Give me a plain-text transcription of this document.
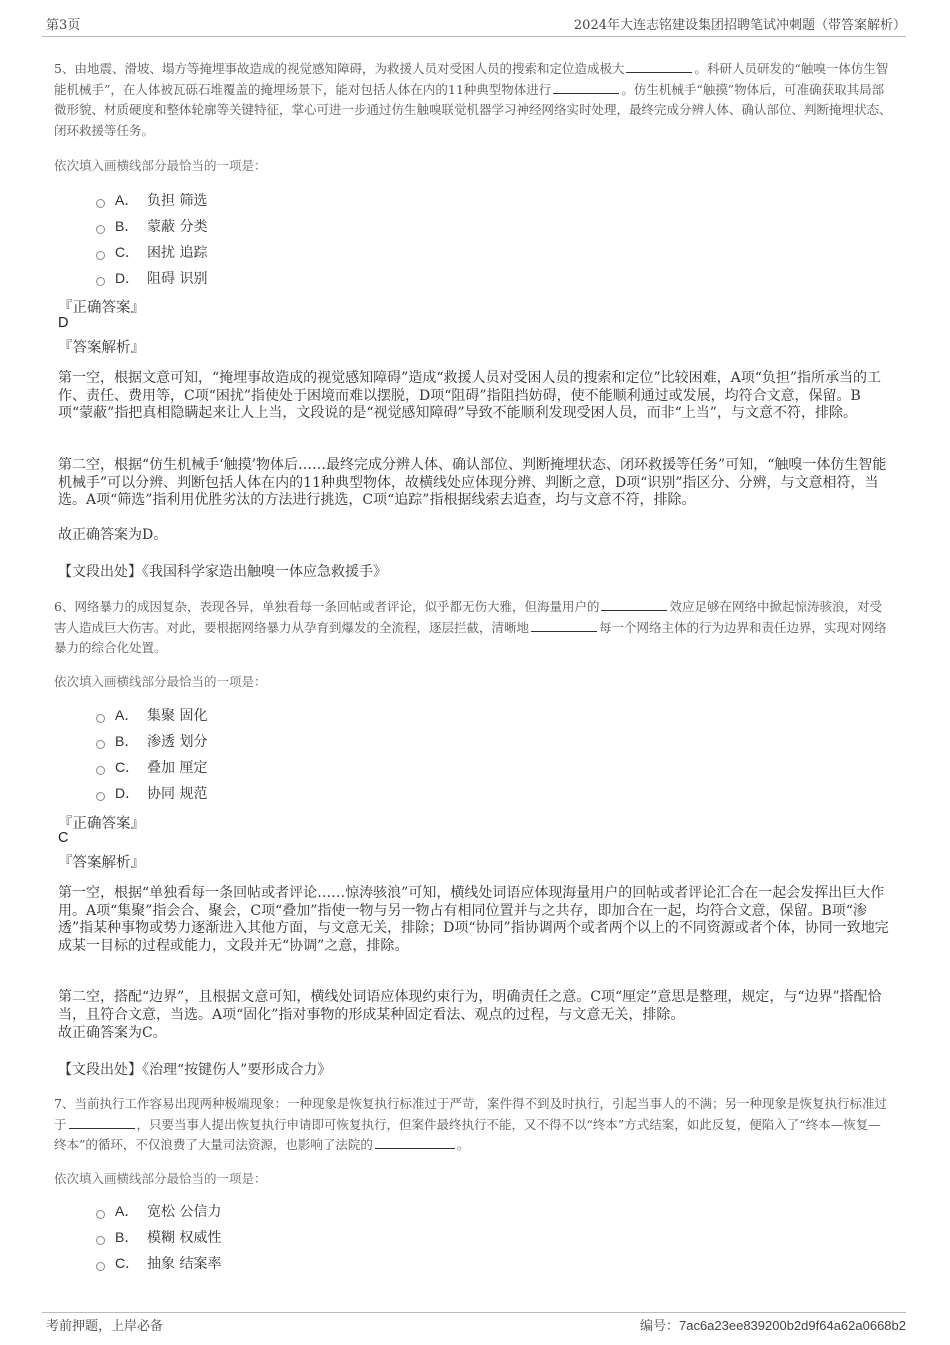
第3页	2024年大连志铭建设集团招聘笔试冲刺题（带答案解析）
5、由地震、滑坡、塌方等掩埋事故造成的视觉感知障碍，为救援人员对受困人员的搜索和定位造成极大	。科研人员研发的“触嗅一体仿生智能机械手”，在人体被瓦砾石堆覆盖的掩埋场景下，能对包括人体在内的11种典型物体进行	。仿生机械手“触摸”物体后，可准确获取其局部微形貌、材质硬度和整体轮廓等关键特征，掌心可进一步通过仿生触嗅联觉机器学习神经网络实时处理，最终完成分辨人体、确认部位、判断掩埋状态、闭环救援等任务。
依次填入画横线部分最恰当的一项是：
A． 负担 筛选
B． 蒙蔽 分类
C． 困扰 追踪
D． 阻碍 识别
『正确答案』
D
『答案解析』
第一空，根据文意可知，“掩埋事故造成的视觉感知障碍”造成“救援人员对受困人员的搜索和定位”比较困难，A项“负担”指所承当的工作、责任、费用等，C项“困扰”指使处于困境而难以摆脱，D项“阻碍”指阻挡妨碍，使不能顺利通过或发展，均符合文意，保留。B项“蒙蔽”指把真相隐瞒起来让人上当，文段说的是“视觉感知障碍”导致不能顺利发现受困人员，而非“上当”，与文意不符，排除。
第二空，根据“仿生机械手‘触摸’物体后……最终完成分辨人体、确认部位、判断掩埋状态、闭环救援等任务”可知，“触嗅一体仿生智能机械手”可以分辨、判断包括人体在内的11种典型物体，故横线处应体现分辨、判断之意，D项“识别”指区分、分辨，与文意相符，当选。A项“筛选”指利用优胜劣汰的方法进行挑选，C项“追踪”指根据线索去追查，均与文意不符，排除。
故正确答案为D。
【文段出处】《我国科学家造出触嗅一体应急救援手》
6、网络暴力的成因复杂，表现各异，单独看每一条回帖或者评论，似乎都无伤大雅，但海量用户的	效应足够在网络中掀起惊涛骇浪，对受害人造成巨大伤害。对此，要根据网络暴力从孕育到爆发的全流程，逐层拦截，清晰地	每一个网络主体的行为边界和责任边界，实现对网络暴力的综合化处置。
依次填入画横线部分最恰当的一项是：
A． 集聚 固化
B． 渗透 划分
C． 叠加 厘定
D． 协同 规范
『正确答案』
C
『答案解析』
第一空，根据“单独看每一条回帖或者评论……惊涛骇浪”可知，横线处词语应体现海量用户的回帖或者评论汇合在一起会发挥出巨大作用。A项“集聚”指会合、聚会，C项“叠加”指使一物与另一物占有相同位置并与之共存，即加合在一起，均符合文意，保留。B项“渗透”指某种事物或势力逐渐进入其他方面，与文意无关，排除；D项“协同”指协调两个或者两个以上的不同资源或者个体，协同一致地完成某一目标的过程或能力，文段并无“协调”之意，排除。
第二空，搭配“边界”，且根据文意可知，横线处词语应体现约束行为，明确责任之意。C项“厘定”意思是整理，规定，与“边界”搭配恰当，且符合文意，当选。A项“固化”指对事物的形成某种固定看法、观点的过程，与文意无关，排除。
故正确答案为C。
【文段出处】《治理“按键伤人”要形成合力》
7、当前执行工作容易出现两种极端现象：一种现象是恢复执行标准过于严苛，案件得不到及时执行，引起当事人的不满；另一种现象是恢复执行标准过于	，只要当事人提出恢复执行申请即可恢复执行，但案件最终执行不能，又不得不以“终本”方式结案，如此反复，便陷入了“终本—恢复—终本”的循环，不仅浪费了大量司法资源，也影响了法院的	。
依次填入画横线部分最恰当的一项是：
A． 宽松 公信力
B． 模糊 权威性
C． 抽象 结案率
考前押题，上岸必备	编号：7ac6a23ee839200b2d9f64a62a0668b2
